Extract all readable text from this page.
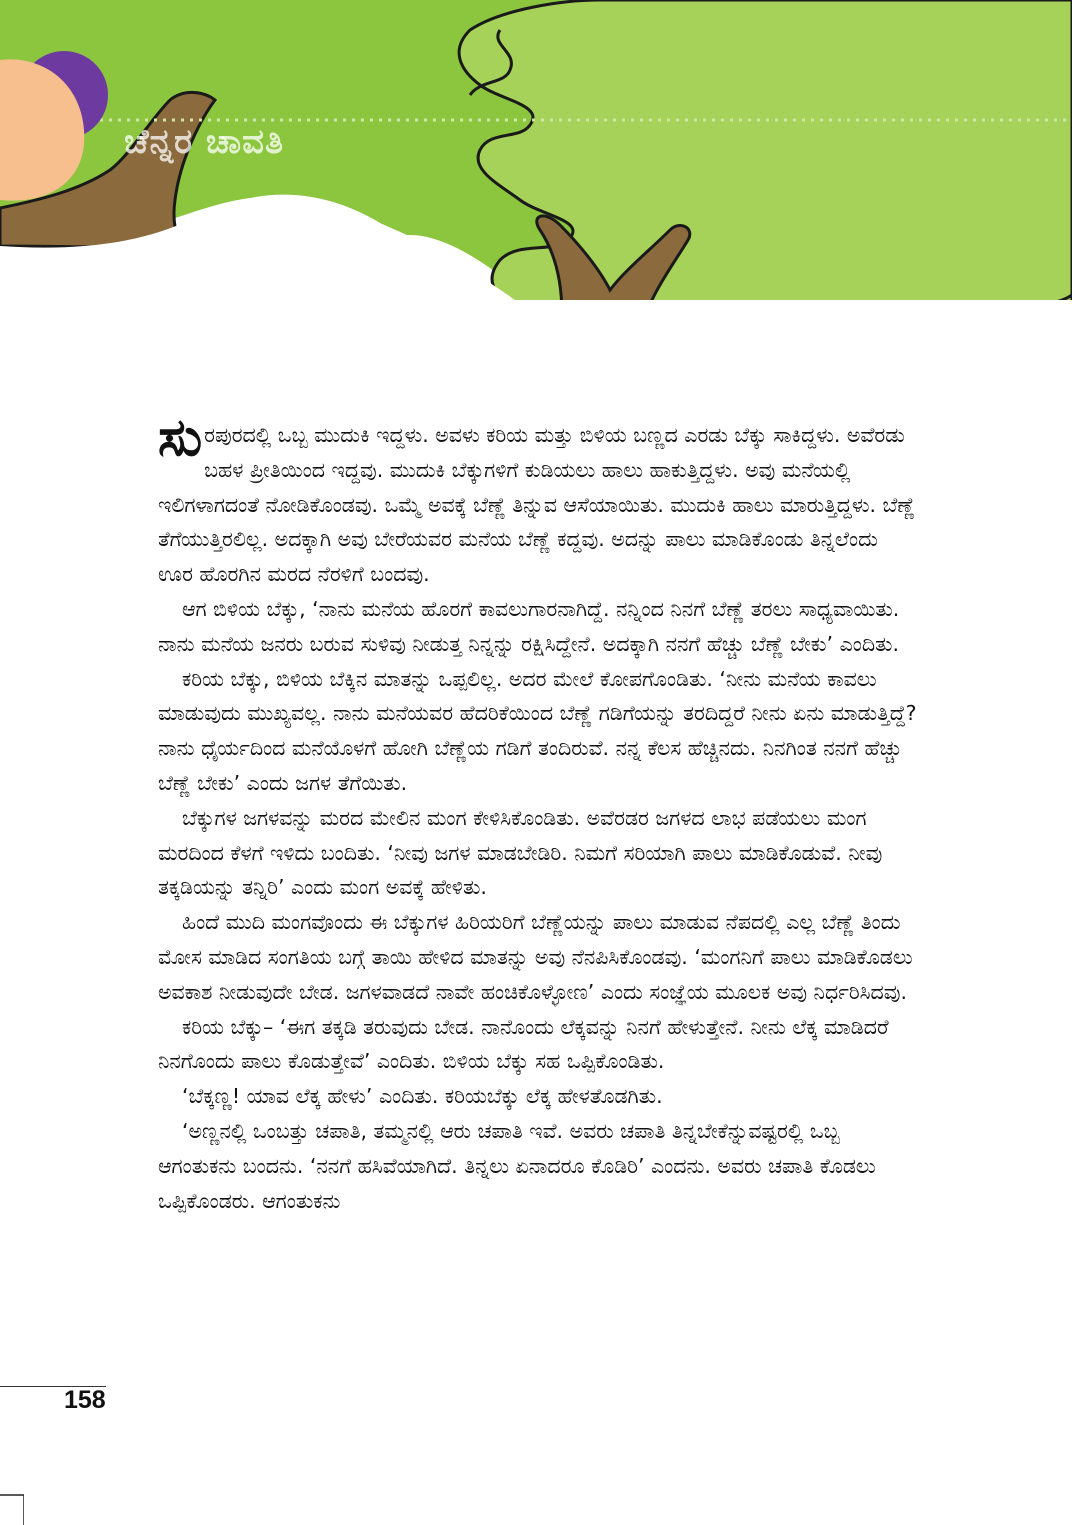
ಚೆನ್ನರ ಚಾವತಿ

ಸುರಪುರದಲ್ಲಿ ಒಬ್ಬ ಮುದುಕಿ ಇದ್ದಳು. ಅವಳು ಕರಿಯ ಮತ್ತು ಬಿಳಿಯ ಬಣ್ಣದ ಎರಡು ಬೆಕ್ಕು ಸಾಕಿದ್ದಳು. ಅವೆರಡು ಬಹಳ ಪ್ರೀತಿಯಿಂದ ಇದ್ದವು. ಮುದುಕಿ ಬೆಕ್ಕುಗಳಿಗೆ ಕುಡಿಯಲು ಹಾಲು ಹಾಕುತ್ತಿದ್ದಳು. ಅವು ಮನೆಯಲ್ಲಿ ಇಲಿಗಳಾಗದಂತೆ ನೋಡಿಕೊಂಡವು. ಒಮ್ಮೆ ಅವಕ್ಕೆ ಬೆಣ್ಣೆ ತಿನ್ನುವ ಆಸೆಯಾಯಿತು. ಮುದುಕಿ ಹಾಲು ಮಾರುತ್ತಿದ್ದಳು. ಬೆಣ್ಣೆ ತೆಗೆಯುತ್ತಿರಲಿಲ್ಲ. ಅದಕ್ಕಾಗಿ ಅವು ಬೇರೆಯವರ ಮನೆಯ ಬೆಣ್ಣೆ ಕದ್ದವು. ಅದನ್ನು ಪಾಲು ಮಾಡಿಕೊಂಡು ತಿನ್ನಲೆಂದು ಊರ ಹೊರಗಿನ ಮರದ ನೆರಳಿಗೆ ಬಂದವು.

ಆಗ ಬಿಳಿಯ ಬೆಕ್ಕು, ‘ನಾನು ಮನೆಯ ಹೊರಗೆ ಕಾವಲುಗಾರನಾಗಿದ್ದೆ. ನನ್ನಿಂದ ನಿನಗೆ ಬೆಣ್ಣೆ ತರಲು ಸಾಧ್ಯವಾಯಿತು. ನಾನು ಮನೆಯ ಜನರು ಬರುವ ಸುಳಿವು ನೀಡುತ್ತ ನಿನ್ನನ್ನು ರಕ್ಷಿಸಿದ್ದೇನೆ. ಅದಕ್ಕಾಗಿ ನನಗೆ ಹೆಚ್ಚು ಬೆಣ್ಣೆ ಬೇಕು’ ಎಂದಿತು.

ಕರಿಯ ಬೆಕ್ಕು, ಬಿಳಿಯ ಬೆಕ್ಕಿನ ಮಾತನ್ನು ಒಪ್ಪಲಿಲ್ಲ. ಅದರ ಮೇಲೆ ಕೋಪಗೊಂಡಿತು. ‘ನೀನು ಮನೆಯ ಕಾವಲು ಮಾಡುವುದು ಮುಖ್ಯವಲ್ಲ. ನಾನು ಮನೆಯವರ ಹೆದರಿಕೆಯಿಂದ ಬೆಣ್ಣೆ ಗಡಿಗೆಯನ್ನು ತರದಿದ್ದರೆ ನೀನು ಏನು ಮಾಡುತ್ತಿದ್ದೆ? ನಾನು ಧೈರ್ಯದಿಂದ ಮನೆಯೊಳಗೆ ಹೋಗಿ ಬೆಣ್ಣೆಯ ಗಡಿಗೆ ತಂದಿರುವೆ. ನನ್ನ ಕೆಲಸ ಹೆಚ್ಚಿನದು. ನಿನಗಿಂತ ನನಗೆ ಹೆಚ್ಚು ಬೆಣ್ಣೆ ಬೇಕು’ ಎಂದು ಜಗಳ ತೆಗೆಯಿತು.

ಬೆಕ್ಕುಗಳ ಜಗಳವನ್ನು ಮರದ ಮೇಲಿನ ಮಂಗ ಕೇಳಿಸಿಕೊಂಡಿತು. ಅವೆರಡರ ಜಗಳದ ಲಾಭ ಪಡೆಯಲು ಮಂಗ ಮರದಿಂದ ಕೆಳಗೆ ಇಳಿದು ಬಂದಿತು. ‘ನೀವು ಜಗಳ ಮಾಡಬೇಡಿರಿ. ನಿಮಗೆ ಸರಿಯಾಗಿ ಪಾಲು ಮಾಡಿಕೊಡುವೆ. ನೀವು ತಕ್ಕಡಿಯನ್ನು ತನ್ನಿರಿ’ ಎಂದು ಮಂಗ ಅವಕ್ಕೆ ಹೇಳಿತು.

ಹಿಂದೆ ಮುದಿ ಮಂಗವೊಂದು ಈ ಬೆಕ್ಕುಗಳ ಹಿರಿಯರಿಗೆ ಬೆಣ್ಣೆಯನ್ನು ಪಾಲು ಮಾಡುವ ನೆಪದಲ್ಲಿ ಎಲ್ಲ ಬೆಣ್ಣೆ ತಿಂದು ಮೋಸ ಮಾಡಿದ ಸಂಗತಿಯ ಬಗ್ಗೆ ತಾಯಿ ಹೇಳಿದ ಮಾತನ್ನು ಅವು ನೆನಪಿಸಿಕೊಂಡವು. ‘ಮಂಗನಿಗೆ ಪಾಲು ಮಾಡಿಕೊಡಲು ಅವಕಾಶ ನೀಡುವುದೇ ಬೇಡ. ಜಗಳವಾಡದೆ ನಾವೇ ಹಂಚಿಕೊಳ್ಳೋಣ’ ಎಂದು ಸಂಜ್ಞೆಯ ಮೂಲಕ ಅವು ನಿರ್ಧರಿಸಿದವು.

ಕರಿಯ ಬೆಕ್ಕು– ‘ಈಗ ತಕ್ಕಡಿ ತರುವುದು ಬೇಡ. ನಾನೊಂದು ಲೆಕ್ಕವನ್ನು ನಿನಗೆ ಹೇಳುತ್ತೇನೆ. ನೀನು ಲೆಕ್ಕ ಮಾಡಿದರೆ ನಿನಗೊಂದು ಪಾಲು ಕೊಡುತ್ತೇವೆ’ ಎಂದಿತು. ಬಿಳಿಯ ಬೆಕ್ಕು ಸಹ ಒಪ್ಪಿಕೊಂಡಿತು.

‘ಬೆಕ್ಕಣ್ಣ! ಯಾವ ಲೆಕ್ಕ ಹೇಳು’ ಎಂದಿತು. ಕರಿಯಬೆಕ್ಕು ಲೆಕ್ಕ ಹೇಳತೊಡಗಿತು.

‘ಅಣ್ಣನಲ್ಲಿ ಒಂಬತ್ತು ಚಪಾತಿ, ತಮ್ಮನಲ್ಲಿ ಆರು ಚಪಾತಿ ಇವೆ. ಅವರು ಚಪಾತಿ ತಿನ್ನಬೇಕೆನ್ನುವಷ್ಟರಲ್ಲಿ ಒಬ್ಬ ಆಗಂತುಕನು ಬಂದನು. ‘ನನಗೆ ಹಸಿವೆಯಾಗಿದೆ. ತಿನ್ನಲು ಏನಾದರೂ ಕೊಡಿರಿ’ ಎಂದನು. ಅವರು ಚಪಾತಿ ಕೊಡಲು ಒಪ್ಪಿಕೊಂಡರು. ಆಗಂತುಕನು

158
